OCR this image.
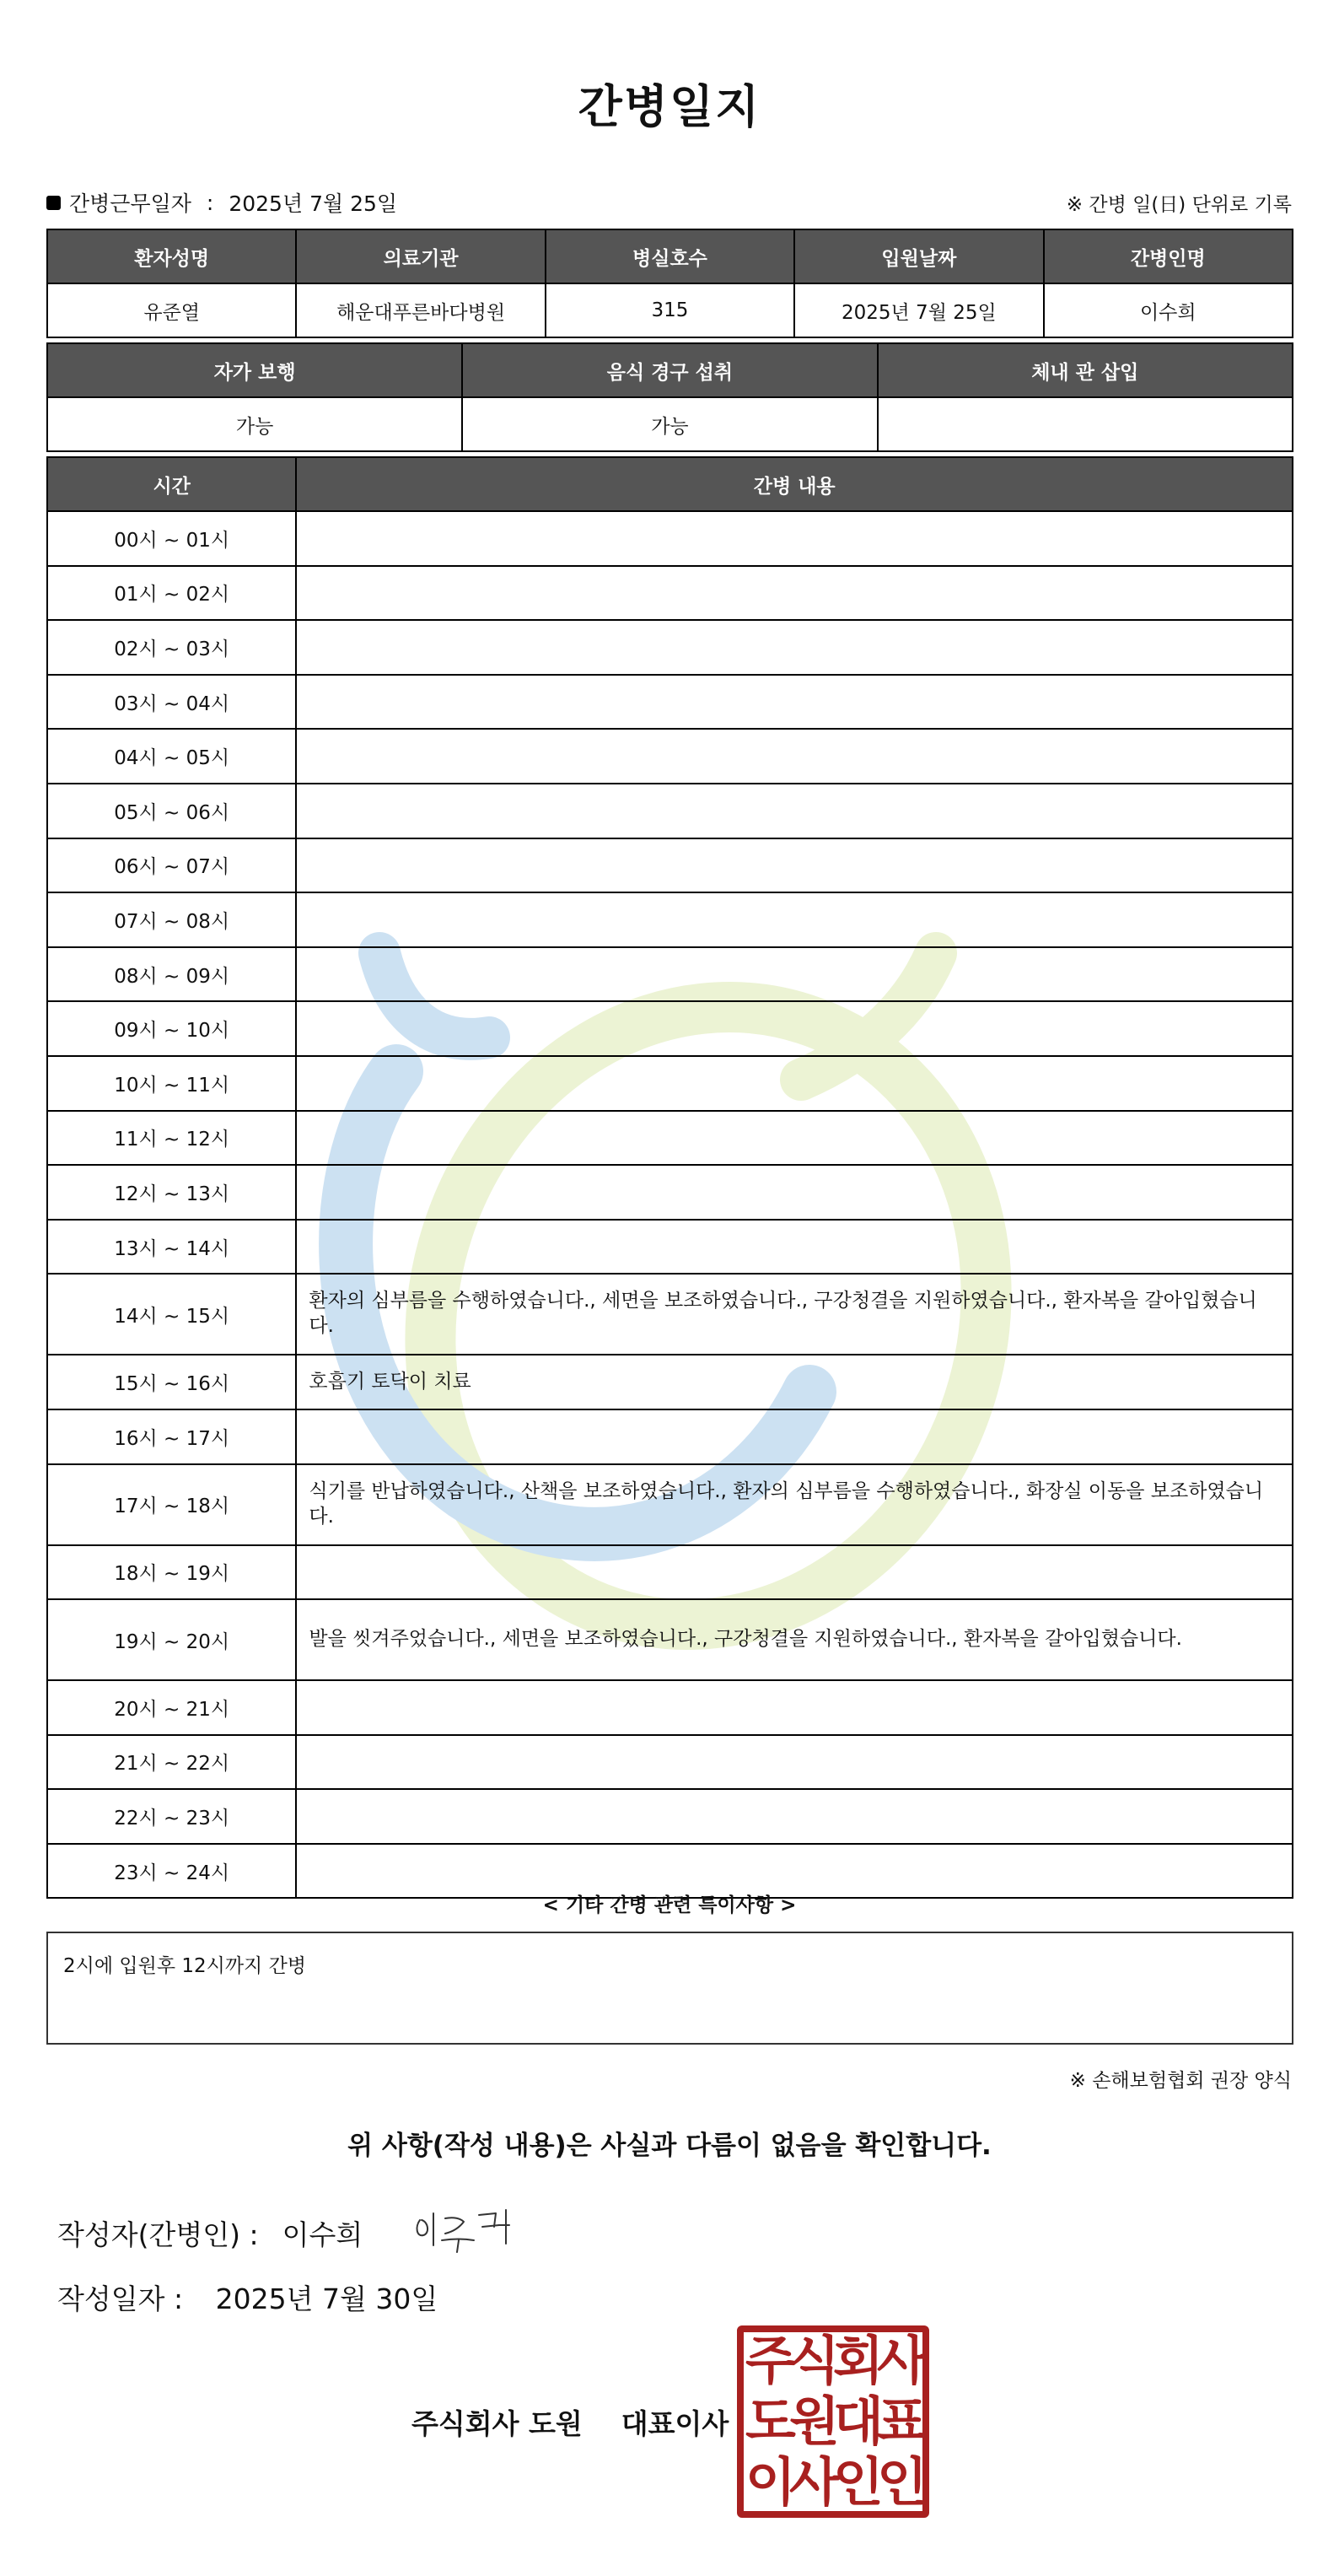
간병일지
간병근무일자 : 2025년 7월 25일	※ 간병 일(日) 단위로 기록
환자성명	의료기관	병실호수	입원날짜	간병인명
유준열	해운대푸른바다병원	315	2025년 7월 25일	이수희
자가 보행	음식 경구 섭취	체내 관 삽입
가능	가능	
시간	간병 내용
00시 ~ 01시	
01시 ~ 02시	
02시 ~ 03시	
03시 ~ 04시	
04시 ~ 05시	
05시 ~ 06시	
06시 ~ 07시	
07시 ~ 08시	
08시 ~ 09시	
09시 ~ 10시	
10시 ~ 11시	
11시 ~ 12시	
12시 ~ 13시	
13시 ~ 14시	
14시 ~ 15시	환자의 심부름을 수행하였습니다., 세면을 보조하였습니다., 구강청결을 지원하였습니다., 환자복을 갈아입혔습니다.
15시 ~ 16시	호흡기 토닥이 치료
16시 ~ 17시	
17시 ~ 18시	식기를 반납하였습니다., 산책을 보조하였습니다., 환자의 심부름을 수행하였습니다., 화장실 이동을 보조하였습니다.
18시 ~ 19시	
19시 ~ 20시	발을 씻겨주었습니다., 세면을 보조하였습니다., 구강청결을 지원하였습니다., 환자복을 갈아입혔습니다.
20시 ~ 21시	
21시 ~ 22시	
22시 ~ 23시	
23시 ~ 24시	
< 기타 간병 관련 특이사항 >
2시에 입원후 12시까지 간병
※ 손해보험협회 권장 양식
위 사항(작성 내용)은 사실과 다름이 없음을 확인합니다.
작성자(간병인) : 이수희
작성일자 : 2025년 7월 30일
주식회사 도원 대표이사
주
식
회
사
도
원
대
표
이
사
인
인
